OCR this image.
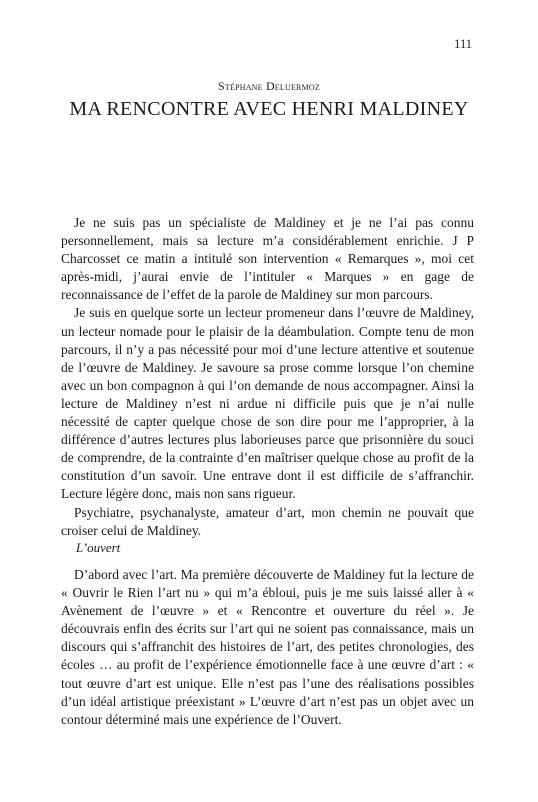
111
Stéphane Deluermoz
MA RENCONTRE AVEC HENRI MALDINEY

Je ne suis pas un spécialiste de Maldiney et je ne l’ai pas connu personnellement, mais sa lecture m’a considérablement enrichie. J P Charcosset ce matin a intitulé son intervention « Remarques », moi cet après-midi, j’aurai envie de l’intituler « Marques » en gage de reconnaissance de l’effet de la parole de Maldiney sur mon parcours.

Je suis en quelque sorte un lecteur promeneur dans l’œuvre de Maldiney, un lecteur nomade pour le plaisir de la déambulation. Compte tenu de mon parcours, il n’y a pas nécessité pour moi d’une lecture attentive et soutenue de l’œuvre de Maldiney. Je savoure sa prose comme lorsque l’on chemine avec un bon compagnon à qui l’on demande de nous accompagner. Ainsi la lecture de Maldiney n’est ni ardue ni difficile puis que je n’ai nulle nécessité de capter quelque chose de son dire pour me l’approprier, à la différence d’autres lectures plus laborieuses parce que prisonnière du souci de comprendre, de la contrainte d’en maîtriser quelque chose au profit de la constitution d’un savoir. Une entrave dont il est difficile de s’affranchir. Lecture légère donc, mais non sans rigueur.

Psychiatre, psychanalyste, amateur d’art, mon chemin ne pouvait que croiser celui de Maldiney.

L’ouvert

D’abord avec l’art. Ma première découverte de Maldiney fut la lecture de « Ouvrir le Rien l’art nu » qui m’a ébloui, puis je me suis laissé aller à « Avènement de l’œuvre » et « Rencontre et ouverture du réel ». Je découvrais enfin des écrits sur l’art qui ne soient pas connaissance, mais un discours qui s’affranchit des histoires de l’art, des petites chronologies, des écoles … au profit de l’expérience émotionnelle face à une œuvre d’art : « tout œuvre d’art est unique. Elle n’est pas l’une des réalisations possibles d’un idéal artistique préexistant » L’œuvre d’art n’est pas un objet avec un contour déterminé mais une expérience de l’Ouvert.
